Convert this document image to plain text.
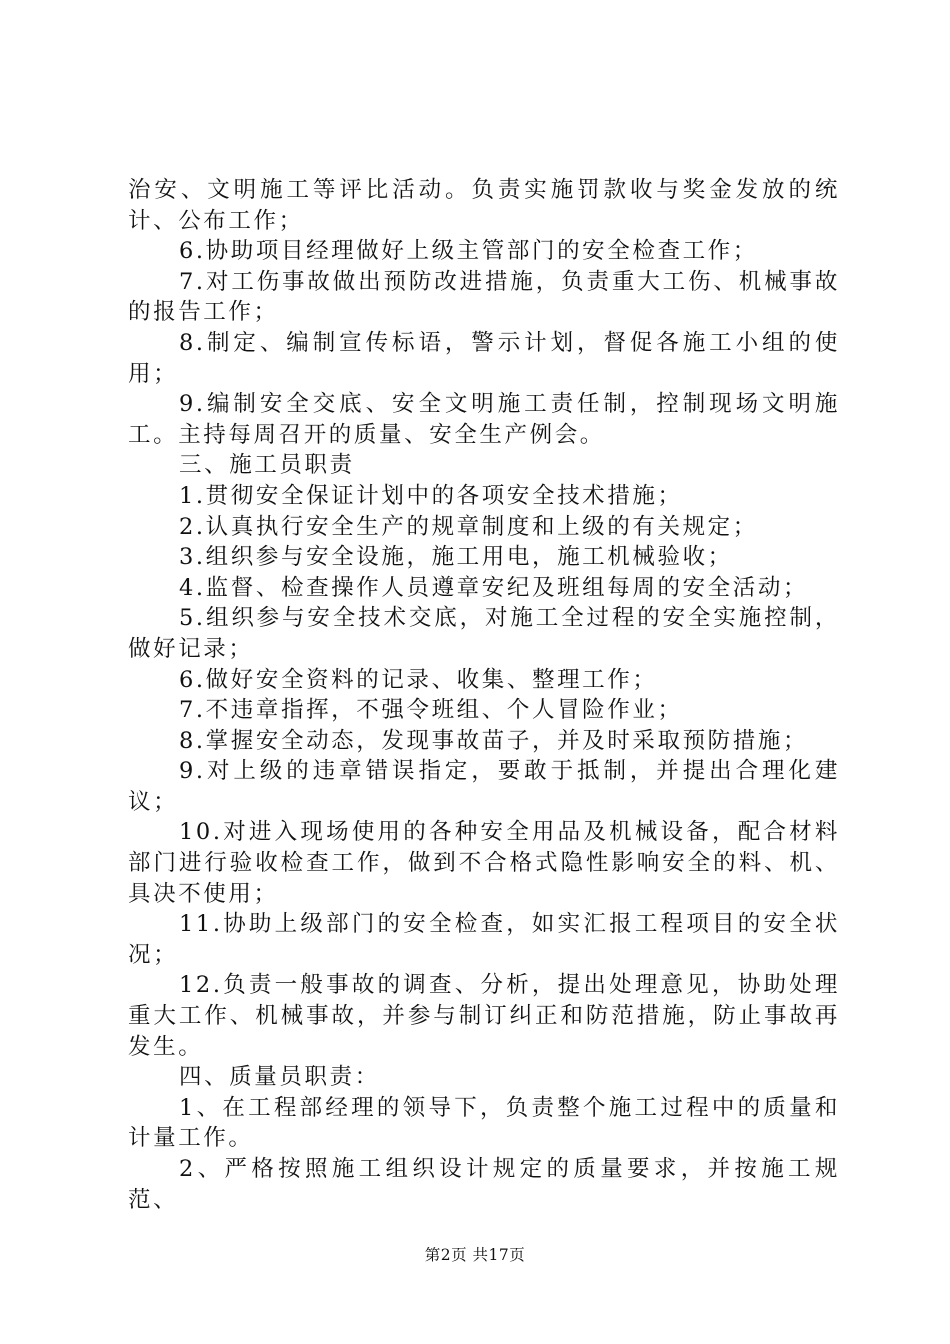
治安、文明施工等评比活动。负责实施罚款收与奖金发放的统计、公布工作；

6.协助项目经理做好上级主管部门的安全检查工作；

7.对工伤事故做出预防改进措施，负责重大工伤、机械事故的报告工作；

8.制定、编制宣传标语，警示计划，督促各施工小组的使用；

9.编制安全交底、安全文明施工责任制，控制现场文明施工。主持每周召开的质量、安全生产例会。

三、施工员职责

1.贯彻安全保证计划中的各项安全技术措施；

2.认真执行安全生产的规章制度和上级的有关规定；

3.组织参与安全设施，施工用电，施工机械验收；

4.监督、检查操作人员遵章安纪及班组每周的安全活动；

5.组织参与安全技术交底，对施工全过程的安全实施控制，做好记录；

6.做好安全资料的记录、收集、整理工作；

7.不违章指挥，不强令班组、个人冒险作业；

8.掌握安全动态，发现事故苗子，并及时采取预防措施；

9.对上级的违章错误指定，要敢于抵制，并提出合理化建议；

10.对进入现场使用的各种安全用品及机械设备，配合材料部门进行验收检查工作，做到不合格式隐性影响安全的料、机、具决不使用；

11.协助上级部门的安全检查，如实汇报工程项目的安全状况；

12.负责一般事故的调查、分析，提出处理意见，协助处理重大工作、机械事故，并参与制订纠正和防范措施，防止事故再发生。

四、质量员职责：

1、在工程部经理的领导下，负责整个施工过程中的质量和计量工作。

2、严格按照施工组织设计规定的质量要求，并按施工规范、

第2页 共17页
